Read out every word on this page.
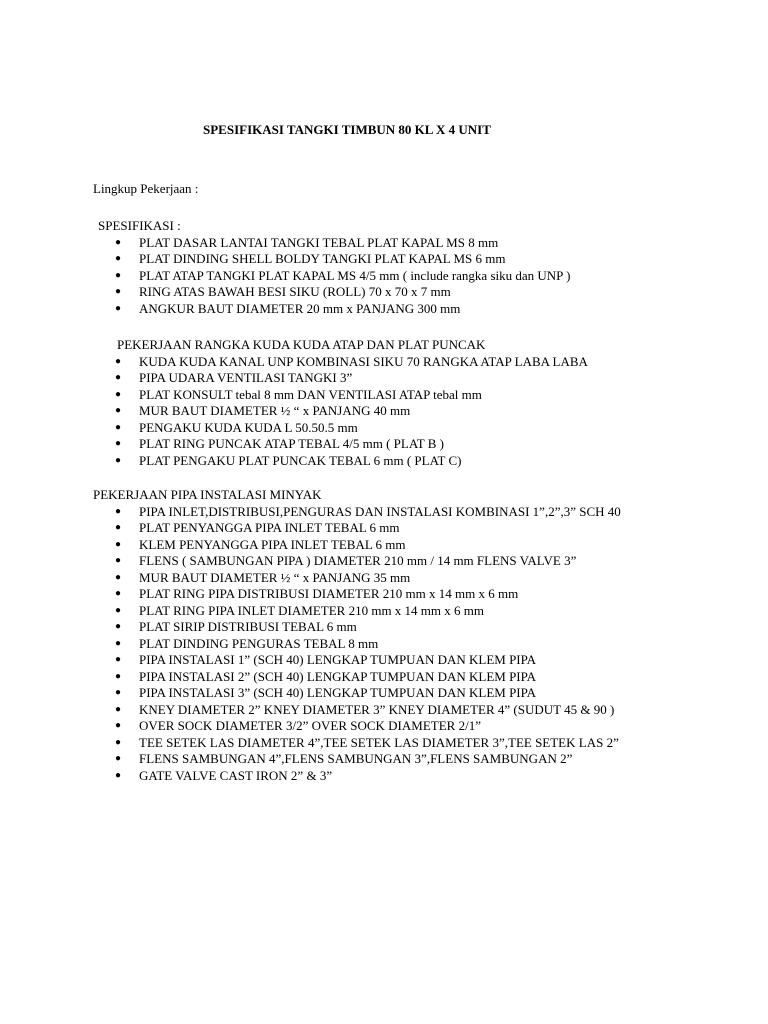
SPESIFIKASI TANGKI TIMBUN 80 KL X 4 UNIT
Lingkup Pekerjaan :
SPESIFIKASI :
●	PLAT DASAR LANTAI TANGKI TEBAL PLAT KAPAL MS 8 mm
●	PLAT DINDING SHELL BOLDY TANGKI PLAT KAPAL MS 6 mm
●	PLAT ATAP TANGKI PLAT KAPAL MS 4/5 mm ( include rangka siku dan UNP )
●	RING ATAS BAWAH BESI SIKU (ROLL) 70 x 70 x 7 mm
●	ANGKUR BAUT DIAMETER 20 mm x PANJANG 300 mm
PEKERJAAN RANGKA KUDA KUDA ATAP DAN PLAT PUNCAK
●	KUDA KUDA KANAL UNP KOMBINASI SIKU 70 RANGKA ATAP LABA LABA
●	PIPA UDARA VENTILASI TANGKI 3”
●	PLAT KONSULT tebal 8 mm DAN VENTILASI ATAP tebal mm
●	MUR BAUT DIAMETER ½ “ x PANJANG 40 mm
●	PENGAKU KUDA KUDA L 50.50.5 mm
●	PLAT RING PUNCAK ATAP TEBAL 4/5 mm ( PLAT B )
●	PLAT PENGAKU PLAT PUNCAK TEBAL 6 mm ( PLAT C)
PEKERJAAN PIPA INSTALASI MINYAK
●	PIPA INLET,DISTRIBUSI,PENGURAS DAN INSTALASI KOMBINASI 1”,2”,3” SCH 40
●	PLAT PENYANGGA PIPA INLET TEBAL 6 mm
●	KLEM PENYANGGA PIPA INLET TEBAL 6 mm
●	FLENS ( SAMBUNGAN PIPA ) DIAMETER 210 mm / 14 mm FLENS VALVE 3”
●	MUR BAUT DIAMETER ½ “ x PANJANG 35 mm
●	PLAT RING PIPA DISTRIBUSI DIAMETER 210 mm x 14 mm x 6 mm
●	PLAT RING PIPA INLET DIAMETER 210 mm x 14 mm x 6 mm
●	PLAT SIRIP DISTRIBUSI TEBAL 6 mm
●	PLAT DINDING PENGURAS TEBAL 8 mm
●	PIPA INSTALASI 1” (SCH 40) LENGKAP TUMPUAN DAN KLEM PIPA
●	PIPA INSTALASI 2” (SCH 40) LENGKAP TUMPUAN DAN KLEM PIPA
●	PIPA INSTALASI 3” (SCH 40) LENGKAP TUMPUAN DAN KLEM PIPA
●	KNEY DIAMETER 2” KNEY DIAMETER 3” KNEY DIAMETER 4” (SUDUT 45 & 90 )
●	OVER SOCK DIAMETER 3/2” OVER SOCK DIAMETER 2/1”
●	TEE SETEK LAS DIAMETER 4”,TEE SETEK LAS DIAMETER 3”,TEE SETEK LAS 2”
●	FLENS SAMBUNGAN 4”,FLENS SAMBUNGAN 3”,FLENS SAMBUNGAN 2”
●	GATE VALVE CAST IRON 2” & 3”
